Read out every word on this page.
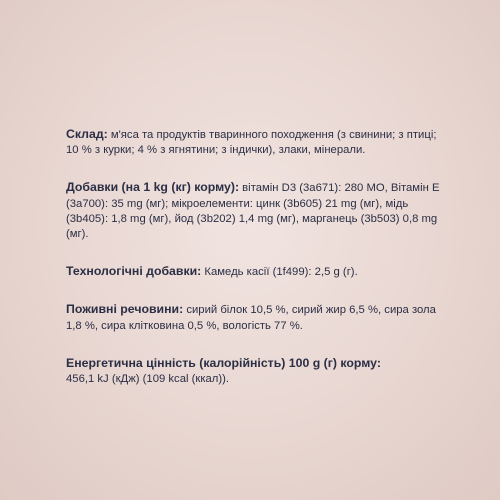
Склад: м'яса та продуктів тваринного походження (з свинини; з птиці; 10 % з курки; 4 % з ягнятини; з індички), злаки, мінерали.

Добавки (на 1 kg (кг) корму): вітамін D3 (3a671): 280 МО, Вітамін E (3a700): 35 mg (мг); мікроелементи: цинк (3b605) 21 mg (мг), мідь (3b405): 1,8 mg (мг), йод (3b202) 1,4 mg (мг), марганець (3b503) 0,8 mg (мг).

Технологічні добавки: Камедь касії (1f499): 2,5 g (г).

Поживні речовини: сирий білок 10,5 %, сирий жир 6,5 %, сира зола 1,8 %, сира клітковина 0,5 %, вологість 77 %.

Енергетична цінність (калорійність) 100 g (г) корму:
456,1 kJ (кДж) (109 kcal (ккал)).
